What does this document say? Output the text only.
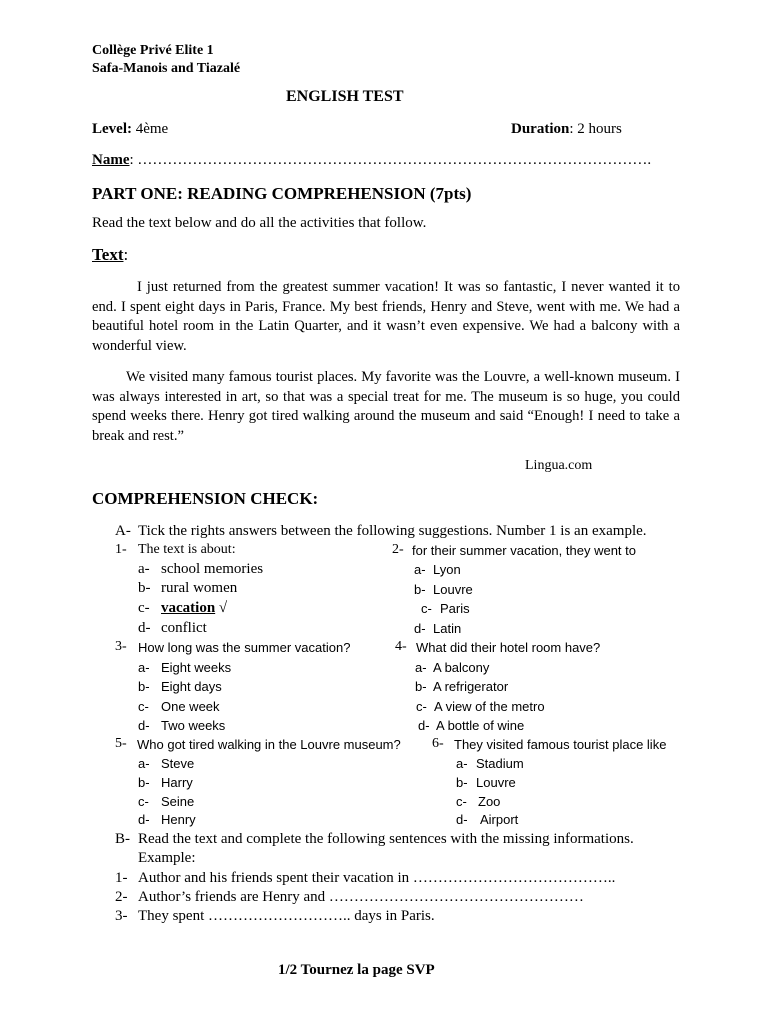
Collège Privé Elite 1
Safa-Manois and Tiazalé
ENGLISH TEST
Level: 4ème	Duration: 2 hours
Name: ………………………………………………………………………………………….
PART ONE: READING COMPREHENSION (7pts)
Read the text below and do all the activities that follow.
Text:

I just returned from the greatest summer vacation! It was so fantastic, I never wanted it to end. I spent eight days in Paris, France. My best friends, Henry and Steve, went with me. We had a beautiful hotel room in the Latin Quarter, and it wasn’t even expensive. We had a balcony with a wonderful view.

We visited many famous tourist places. My favorite was the Louvre, a well-known museum. I was always interested in art, so that was a special treat for me. The museum is so huge, you could spend weeks there. Henry got tired walking around the museum and said “Enough! I need to take a break and rest.”

Lingua.com
COMPREHENSION CHECK:
A- Tick the rights answers between the following suggestions. Number 1 is an example.
1- The text is about:
a- school memories
b- rural women
c- vacation √
d- conflict
2- for their summer vacation, they went to
a- Lyon
b- Louvre
c- Paris
d- Latin
3- How long was the summer vacation?
a- Eight weeks
b- Eight days
c- One week
d- Two weeks
4- What did their hotel room have?
a- A balcony
b- A refrigerator
c- A view of the metro
d- A bottle of wine
5- Who got tired walking in the Louvre museum?
a- Steve
b- Harry
c- Seine
d- Henry
6- They visited famous tourist place like
a- Stadium
b- Louvre
c- Zoo
d- Airport
B- Read the text and complete the following sentences with the missing informations.
Example:
1- Author and his friends spent their vacation in …………………………………..
2- Author’s friends are Henry and ……………………………………………
3- They spent ……………………….. days in Paris.
1/2 Tournez la page SVP
